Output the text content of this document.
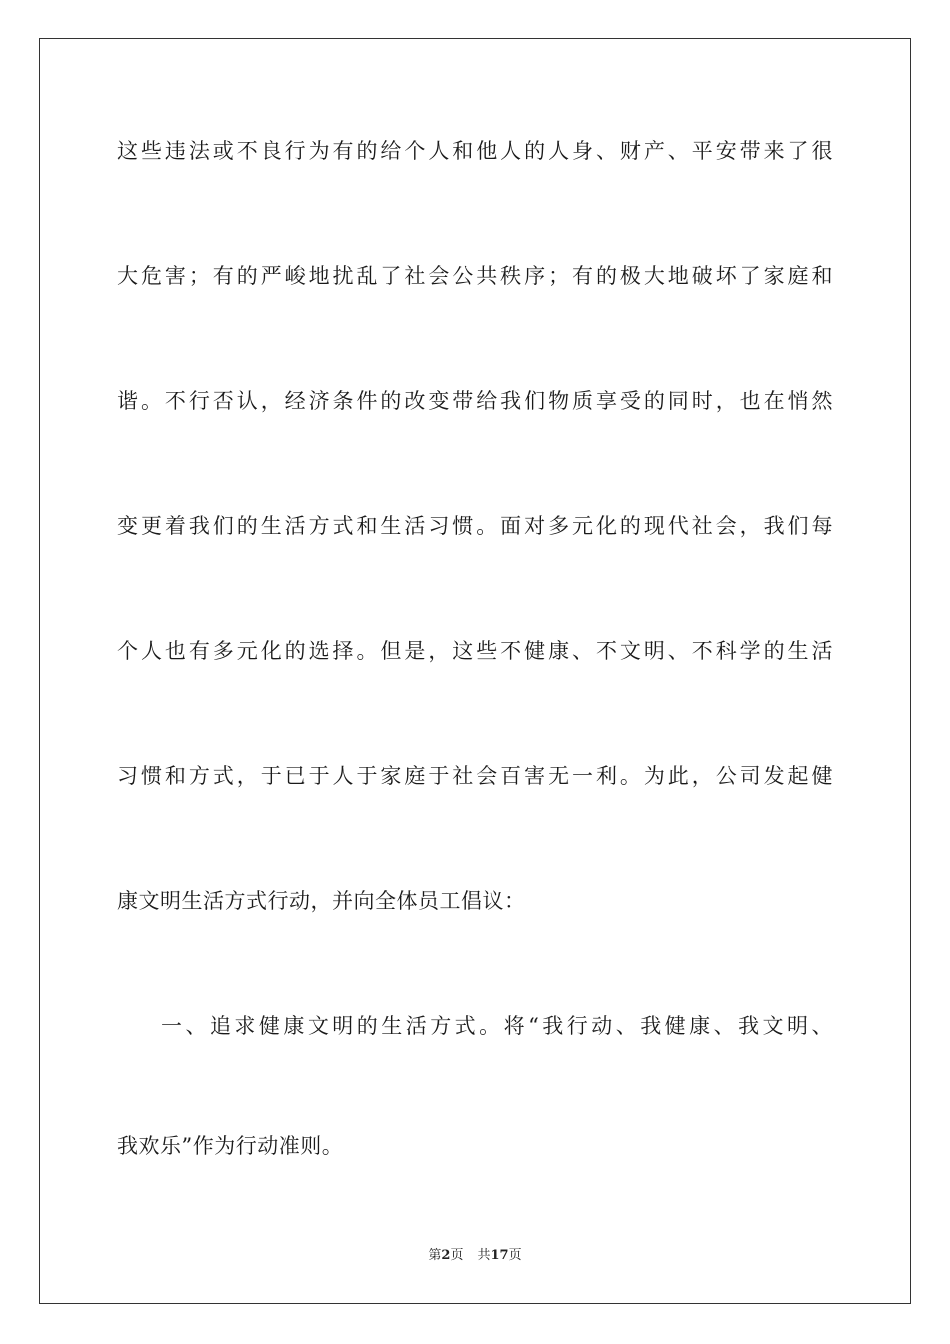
这些违法或不良行为有的给个人和他人的人身、财产、平安带来了很
大危害；有的严峻地扰乱了社会公共秩序；有的极大地破坏了家庭和
谐。不行否认，经济条件的改变带给我们物质享受的同时，也在悄然
变更着我们的生活方式和生活习惯。面对多元化的现代社会，我们每
个人也有多元化的选择。但是，这些不健康、不文明、不科学的生活
习惯和方式，于已于人于家庭于社会百害无一利。为此，公司发起健
康文明生活方式行动，并向全体员工倡议：
一、追求健康文明的生活方式。将“我行动、我健康、我文明、
我欢乐”作为行动准则。
第2页 共17页
